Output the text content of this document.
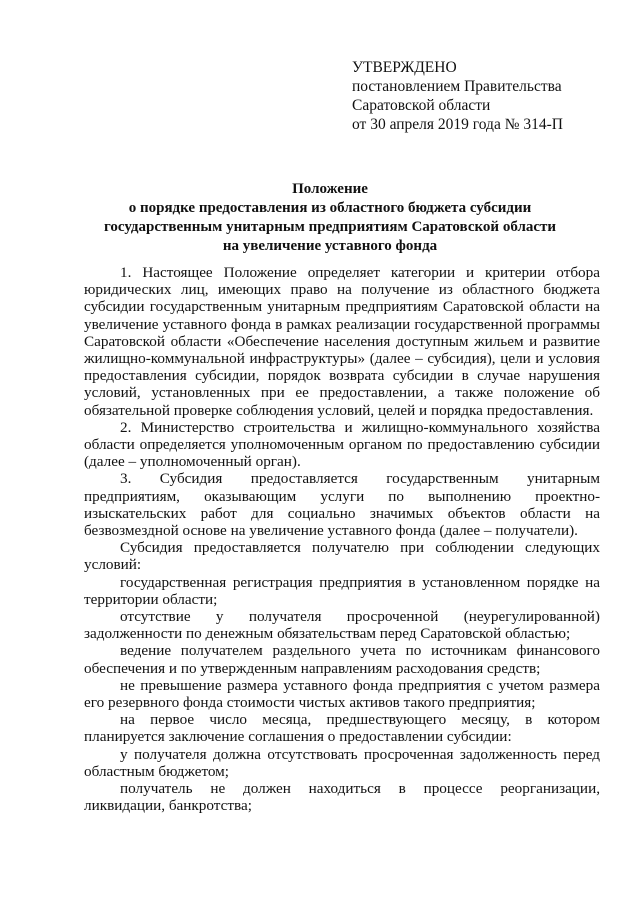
УТВЕРЖДЕНО
постановлением Правительства
Саратовской области
от 30 апреля 2019 года № 314-П
Положение
о порядке предоставления из областного бюджета субсидии
государственным унитарным предприятиям Саратовской области
на увеличение уставного фонда

1. Настоящее Положение определяет категории и критерии отбора юридических лиц, имеющих право на получение из областного бюджета субсидии государственным унитарным предприятиям Саратовской области на увеличение уставного фонда в рамках реализации государственной программы Саратовской области «Обеспечение населения доступным жильем и развитие жилищно-коммунальной инфраструктуры» (далее – субсидия), цели и условия предоставления субсидии, порядок возврата субсидии в случае нарушения условий, установленных при ее предоставлении, а также положение об обязательной проверке соблюдения условий, целей и порядка предоставления.

2. Министерство строительства и жилищно-коммунального хозяйства области определяется уполномоченным органом по предоставлению субсидии (далее – уполномоченный орган).

3. Субсидия предоставляется государственным унитарным предприятиям, оказывающим услуги по выполнению проектно-изыскательских работ для социально значимых объектов области на безвозмездной основе на увеличение уставного фонда (далее – получатели).

Субсидия предоставляется получателю при соблюдении следующих условий:

государственная регистрация предприятия в установленном порядке на территории области;

отсутствие у получателя просроченной (неурегулированной) задолженности по денежным обязательствам перед Саратовской областью;

ведение получателем раздельного учета по источникам финансового обеспечения и по утвержденным направлениям расходования средств;

не превышение размера уставного фонда предприятия с учетом размера его резервного фонда стоимости чистых активов такого предприятия;

на первое число месяца, предшествующего месяцу, в котором планируется заключение соглашения о предоставлении субсидии:

у получателя должна отсутствовать просроченная задолженность перед областным бюджетом;

получатель не должен находиться в процессе реорганизации, ликвидации, банкротства;
